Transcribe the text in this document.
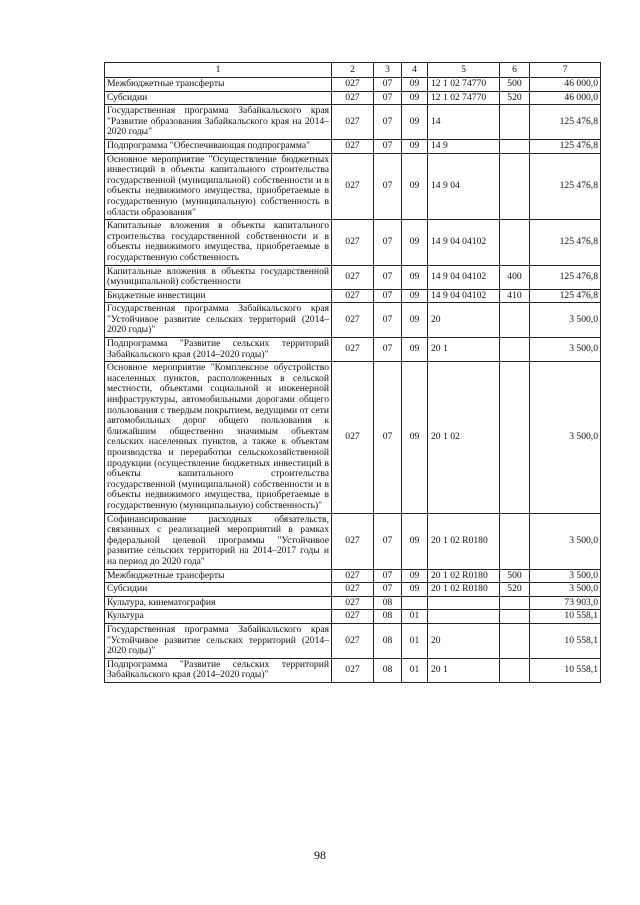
1	2	3	4	5	6	7
Межбюджетные трансферты	027	07	09	12 1 02 74770	500	46 000,0
Субсидии	027	07	09	12 1 02 74770	520	46 000,0
Государственная программа Забайкальского края "Развитие образования Забайкальского края на 2014–2020 годы"	027	07	09	14		125 476,8
Подпрограмма "Обеспечивающая подпрограмма"	027	07	09	14 9		125 476,8
Основное мероприятие "Осуществление бюджетных инвестиций в объекты капитального строительства государственной (муниципальной) собственности и в объекты недвижимого имущества, приобретаемые в государственную (муниципальную) собственность в области образования"	027	07	09	14 9 04		125 476,8
Капитальные вложения в объекты капитального строительства государственной собственности и в объекты недвижимого имущества, приобретаемые в государственную собственность	027	07	09	14 9 04 04102		125 476,8
Капитальные вложения в объекты государственной (муниципальной) собственности	027	07	09	14 9 04 04102	400	125 476,8
Бюджетные инвестиции	027	07	09	14 9 04 04102	410	125 476,8
Государственная программа Забайкальского края "Устойчивое развитие сельских территорий (2014–2020 годы)"	027	07	09	20		3 500,0
Подпрограмма "Развитие сельских территорий Забайкальского края (2014–2020 годы)"	027	07	09	20 1		3 500,0
Основное мероприятие "Комплексное обустройство населенных пунктов, расположенных в сельской местности, объектами социальной и инженерной инфраструктуры, автомобильными дорогами общего пользования с твердым покрытием, ведущими от сети автомобильных дорог общего пользования к ближайшим общественно значимым объектам сельских населенных пунктов, а также к объектам производства и переработки сельскохозяйственной продукции (осуществление бюджетных инвестиций в объекты капитального строительства государственной (муниципальной) собственности и в объекты недвижимого имущества, приобретаемые в государственную (муниципальную) собственность)"	027	07	09	20 1 02		3 500,0
Софинансирование расходных обязательств, связанных с реализацией мероприятий в рамках федеральной целевой программы "Устойчивое развитие сельских территорий на 2014–2017 годы и на период до 2020 года"	027	07	09	20 1 02 R0180		3 500,0
Межбюджетные трансферты	027	07	09	20 1 02 R0180	500	3 500,0
Субсидии	027	07	09	20 1 02 R0180	520	3 500,0
Культура, кинематография	027	08				73 903,0
Культура	027	08	01			10 558,1
Государственная программа Забайкальского края "Устойчивое развитие сельских территорий (2014–2020 годы)"	027	08	01	20		10 558,1
Подпрограмма "Развитие сельских территорий Забайкальского края (2014–2020 годы)"	027	08	01	20 1		10 558,1
98
